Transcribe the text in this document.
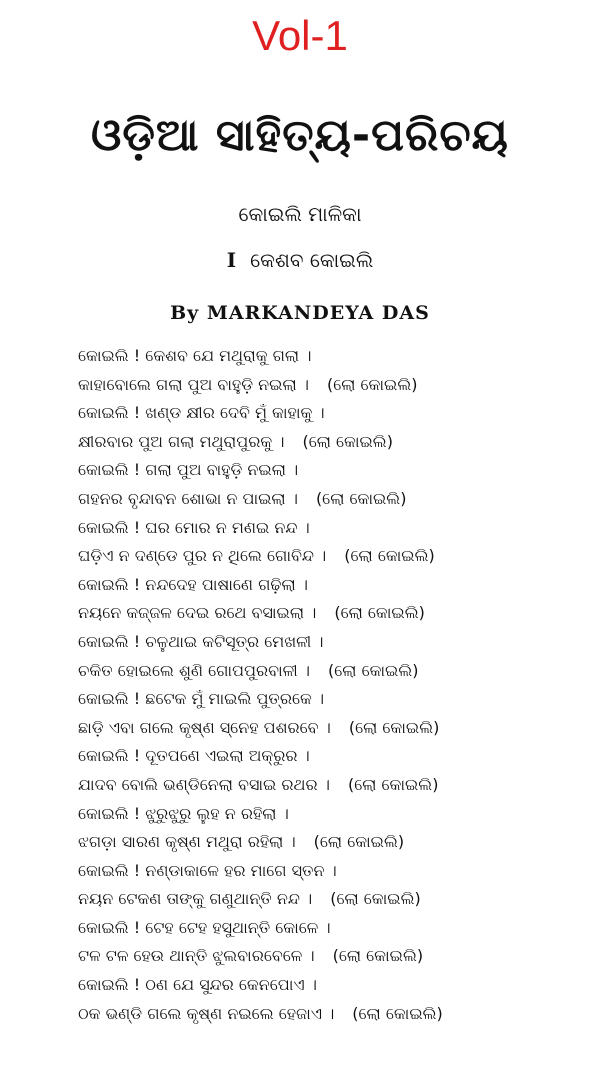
Vol-1
ଓଡ଼ିଆ ସାହିତ୍ୟ-ପରିଚୟ
କୋଇଲି ମାଳିକା
I କେଶବ କୋଇଲି
By MARKANDEYA DAS
କୋଇଲି ! କେଶବ ଯେ ମଥୁରାକୁ ଗଲା ।
କାହାବୋଲେ ଗଲା ପୁଅ ବାହୁଡ଼ି ନଇଲା । (ଲୋ କୋଇଲି)
କୋଇଲି ! ଖଣ୍ଡ କ୍ଷୀର ଦେବି ମୁଁ କାହାକୁ ।
କ୍ଷୀରବାର ପୁଅ ଗଲା ମଥୁରାପୁରକୁ । (ଲୋ କୋଇଲି)
କୋଇଲି ! ଗଲା ପୁଅ ବାହୁଡ଼ି ନଇଲା ।
ଗହନର ବୃନ୍ଦାବନ ଶୋଭା ନ ପାଇଲା । (ଲୋ କୋଇଲି)
କୋଇଲି ! ଘର ମୋର ନ ମଣଇ ନନ୍ଦ ।
ଘଡ଼ିଏ ନ ଦଣ୍ଡେ ପୁର ନ ଥିଲେ ଗୋବିନ୍ଦ । (ଲୋ କୋଇଲି)
କୋଇଲି ! ନନ୍ଦଦେହ ପାଷାଣେ ଗଢ଼ିଲା ।
ନୟନେ କଜ୍ଜଳ ଦେଇ ରଥେ ବସାଇଲା । (ଲୋ କୋଇଲି)
କୋଇଲି ! ଚଳୁଥାଇ କଟିସୂତ୍ର ମେଖଳୀ ।
ଚକିତ ହୋଇଲେ ଶୁଣି ଗୋପପୁରବାଳୀ । (ଲୋ କୋଇଲି)
କୋଇଲି ! ଛଟେକ ମୁଁ ମାଇଲି ପୁତ୍ରକେ ।
ଛାଡ଼ି ଏବା ଗଲେ କୃଷ୍ଣ ସ୍ନେହ ପଶରବେ । (ଲୋ କୋଇଲି)
କୋଇଲି ! ଦୂତପଣେ ଏଇଲା ଅକ୍ରୁର ।
ଯାଦବ ବୋଲି ଭଣ୍ଡିନେଲା ବସାଇ ରଥର । (ଲୋ କୋଇଲି)
କୋଇଲି ! ଝୁରୁଝୁରୁ ଲୁହ ନ ରହିଲା ।
ଝଗଡ଼ା ସାରଣ କୃଷ୍ଣ ମଥୁରା ରହିଲା । (ଲୋ କୋଇଲି)
କୋଇଲି ! ନଣ୍ଡାକାଳେ ହର ମାଗେ ସ୍ତନ ।
ନୟନ ଟେକଣ ତାଙ୍କୁ ଗଣୁଥାନ୍ତି ନନ୍ଦ । (ଲୋ କୋଇଲି)
କୋଇଲି ! ଟେହ ଟେହ ହସୁଥାନ୍ତି କୋଳେ ।
ଟଳ ଟଳ ହେଉ ଥାନ୍ତି ଝୁଲବାରବେଳେ । (ଲୋ କୋଇଲି)
କୋଇଲି ! ଠଣ ଯେ ସୁନ୍ଦର କେନପୋଏ ।
ଠକ ଭଣ୍ଡି ଗଲେ କୃଷ୍ଣ ନଇଲେ ହେଜାଏ । (ଲୋ କୋଇଲି)
